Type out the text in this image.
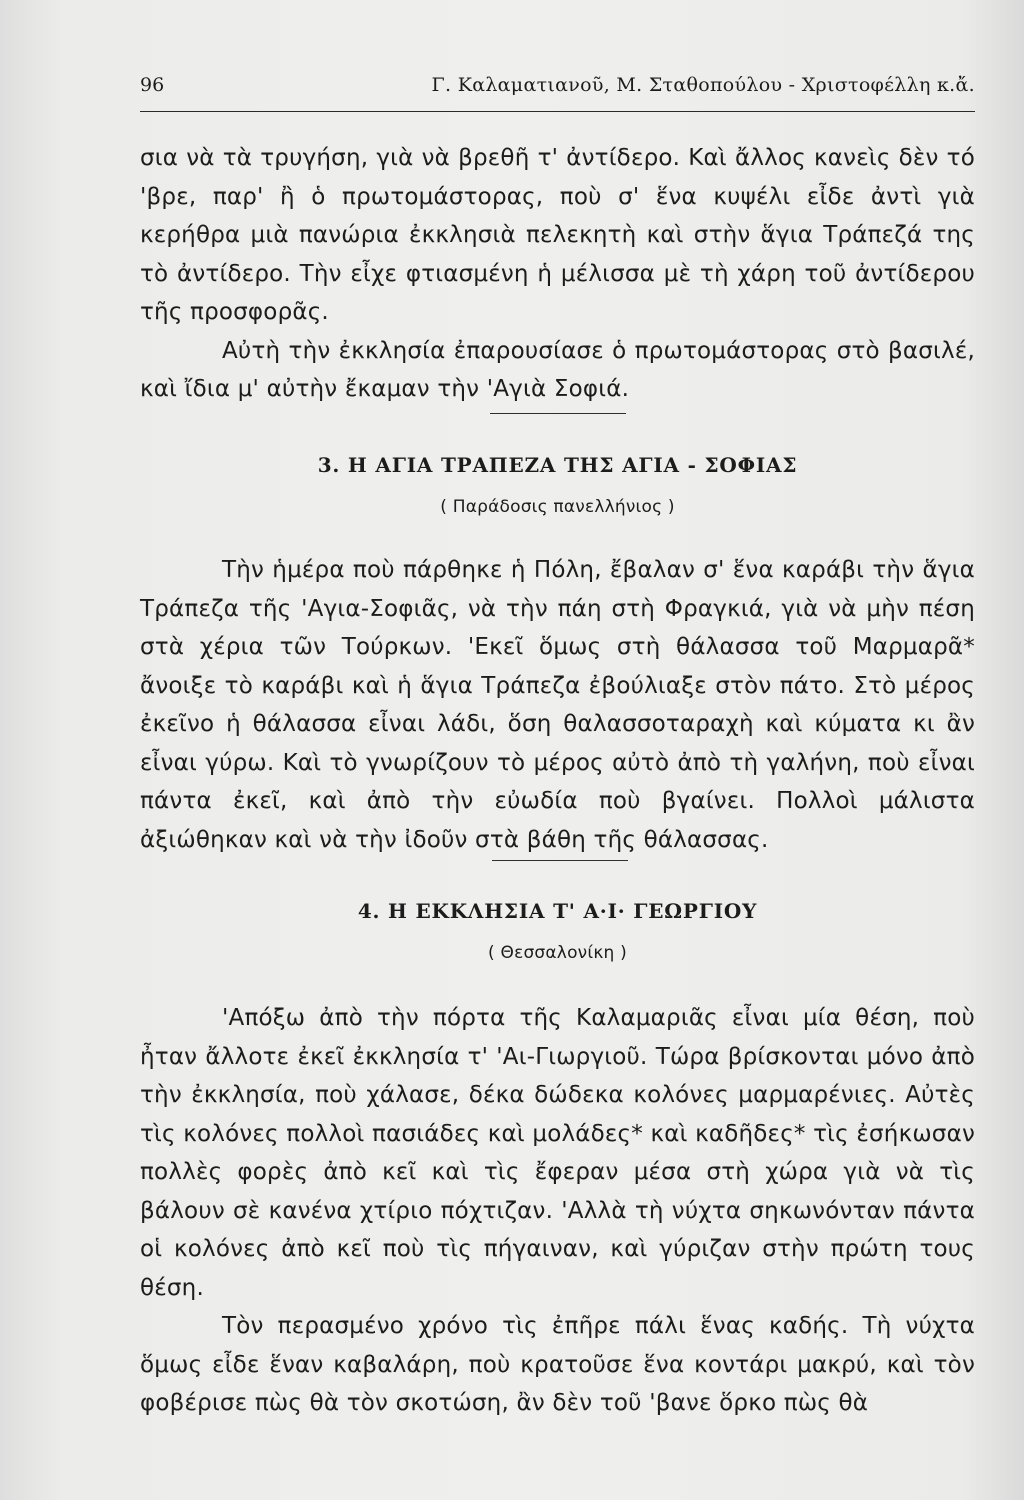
96	Γ. Καλαματιανοῦ, Μ. Σταθοπούλου - Χριστοφέλλη κ.ἄ.

σια νὰ τὰ τρυγήση, γιὰ νὰ βρεθῆ τ' ἀντίδερο. Καὶ ἄλλος κανεὶς δὲν τό 'βρε, παρ' ἢ ὁ πρωτομάστορας, ποὺ σ' ἕνα κυψέλι εἶδε ἀντὶ γιὰ κερήθρα μιὰ πανώρια ἐκκλησιὰ πελεκητὴ καὶ στὴν ἅγια Τράπεζά της τὸ ἀντίδερο. Τὴν εἶχε φτιασμένη ἡ μέλισσα μὲ τὴ χάρη τοῦ ἀντίδερου τῆς προσφορᾶς.

Αὐτὴ τὴν ἐκκλησία ἐπαρουσίασε ὁ πρωτομάστορας στὸ βασιλέ, καὶ ἴδια μ' αὐτὴν ἔκαμαν τὴν 'Αγιὰ Σοφιά.

3. Η ΑΓΙΑ ΤΡΑΠΕΖΑ ΤΗΣ ΑΓΙΑ - ΣΟΦΙΑΣ
( Παράδοσις πανελλήνιος )

Τὴν ἡμέρα ποὺ πάρθηκε ἡ Πόλη, ἔβαλαν σ' ἕνα καράβι τὴν ἅγια Τράπεζα τῆς 'Αγια-Σοφιᾶς, νὰ τὴν πάη στὴ Φραγκιά, γιὰ νὰ μὴν πέση στὰ χέρια τῶν Τούρκων. 'Εκεῖ ὅμως στὴ θάλασσα τοῦ Μαρμαρᾶ* ἄνοιξε τὸ καράβι καὶ ἡ ἅγια Τράπεζα ἐβούλιαξε στὸν πάτο. Στὸ μέρος ἐκεῖνο ἡ θάλασσα εἶναι λάδι, ὅση θαλασσοταραχὴ καὶ κύματα κι ἂν εἶναι γύρω. Καὶ τὸ γνωρίζουν τὸ μέρος αὐτὸ ἀπὸ τὴ γαλήνη, ποὺ εἶναι πάντα ἐκεῖ, καὶ ἀπὸ τὴν εὐωδία ποὺ βγαίνει. Πολλοὶ μάλιστα ἀξιώθηκαν καὶ νὰ τὴν ἰδοῦν στὰ βάθη τῆς θάλασσας.

4. Η ΕΚΚΛΗΣΙΑ Τ' Α·Ι· ΓΕΩΡΓΙΟΥ
( Θεσσαλονίκη )

'Απόξω ἀπὸ τὴν πόρτα τῆς Καλαμαριᾶς εἶναι μία θέση, ποὺ ἦταν ἄλλοτε ἐκεῖ ἐκκλησία τ' 'Αι-Γιωργιοῦ. Τώρα βρίσκονται μόνο ἀπὸ τὴν ἐκκλησία, ποὺ χάλασε, δέκα δώδεκα κολόνες μαρμαρένιες. Αὐτὲς τὶς κολόνες πολλοὶ πασιάδες καὶ μολάδες* καὶ καδῆδες* τὶς ἐσήκωσαν πολλὲς φορὲς ἀπὸ κεῖ καὶ τὶς ἔφεραν μέσα στὴ χώρα γιὰ νὰ τὶς βάλουν σὲ κανένα χτίριο πόχτιζαν. 'Αλλὰ τὴ νύχτα σηκωνόνταν πάντα οἱ κολόνες ἀπὸ κεῖ ποὺ τὶς πήγαιναν, καὶ γύριζαν στὴν πρώτη τους θέση.

Τὸν περασμένο χρόνο τὶς ἐπῆρε πάλι ἕνας καδής. Τὴ νύχτα ὅμως εἶδε ἕναν καβαλάρη, ποὺ κρατοῦσε ἕνα κοντάρι μακρύ, καὶ τὸν φοβέρισε πὼς θὰ τὸν σκοτώση, ἂν δὲν τοῦ 'βανε ὅρκο πὼς θὰ
